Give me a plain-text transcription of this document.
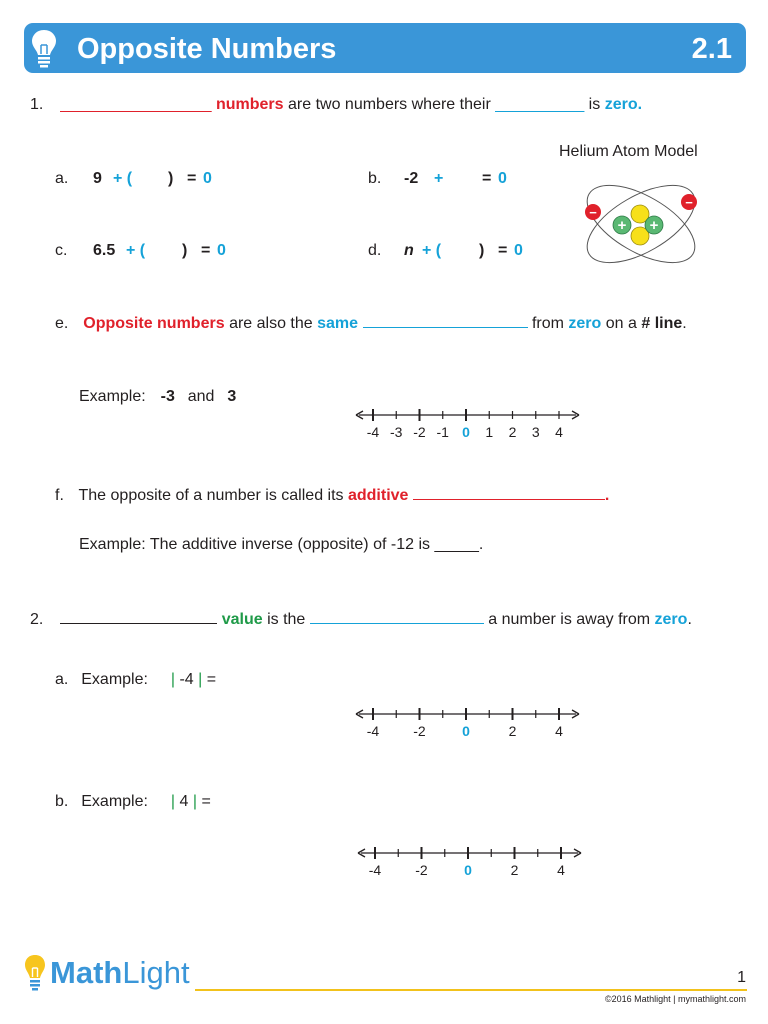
Opposite Numbers	2.1
1. _________________ numbers are two numbers where their __________ is zero.
Helium Atom Model
+ +
−
−
a. 9 + ( ) = 0	b. -2 + = 0
c. 6.5 + ( ) = 0	d. n + ( ) = 0
e. Opposite numbers are also the same	from zero on a # line.
Example: -3 and 3
-4 -3 -2 -1 0 1 2 3 4
f. The opposite of a number is called its additive	.
Example: The additive inverse (opposite) of -12 is _____.
2.	value is the	a number is away from zero.
a. Example: | -4 | =
-4 -2	0	2	4
b. Example: | 4 | =
-4 -2	0	2	4
MathLight	1
©2016 Mathlight | mymathlight.com
